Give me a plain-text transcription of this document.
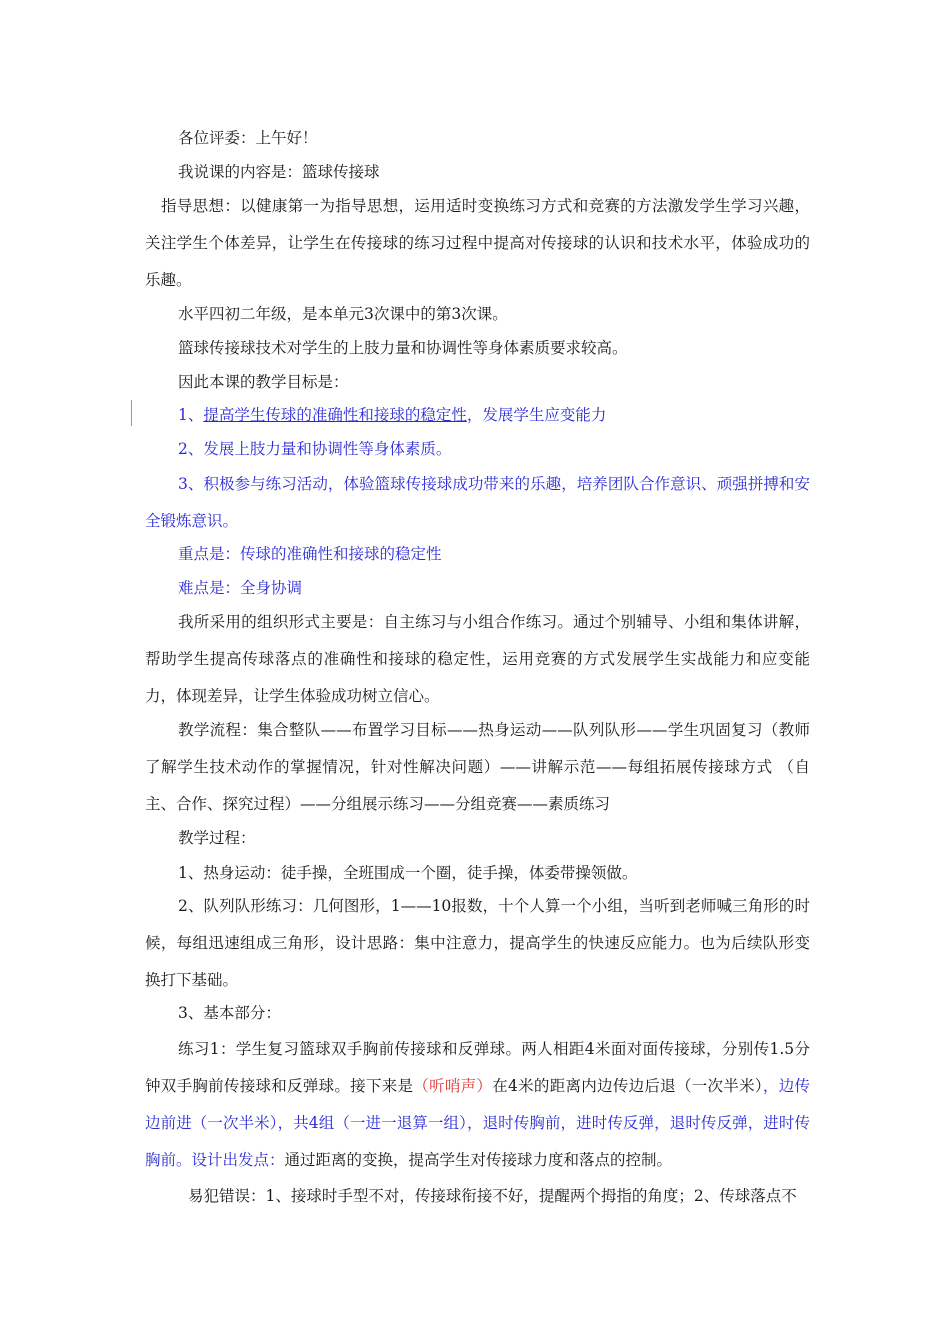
各位评委：上午好！
我说课的内容是：篮球传接球
指导思想：以健康第一为指导思想，运用适时变换练习方式和竞赛的方法激发学生学习兴趣，关注学生个体差异，让学生在传接球的练习过程中提高对传接球的认识和技术水平，体验成功的乐趣。
水平四初二年级，是本单元3次课中的第3次课。
篮球传接球技术对学生的上肢力量和协调性等身体素质要求较高。
因此本课的教学目标是：
1、提高学生传球的准确性和接球的稳定性，发展学生应变能力
2、发展上肢力量和协调性等身体素质。
3、积极参与练习活动，体验篮球传接球成功带来的乐趣，培养团队合作意识、顽强拼搏和安全锻炼意识。
重点是：传球的准确性和接球的稳定性
难点是：全身协调
我所采用的组织形式主要是：自主练习与小组合作练习。通过个别辅导、小组和集体讲解，帮助学生提高传球落点的准确性和接球的稳定性，运用竞赛的方式发展学生实战能力和应变能力，体现差异，让学生体验成功树立信心。
教学流程：集合整队——布置学习目标——热身运动——队列队形——学生巩固复习（教师了解学生技术动作的掌握情况，针对性解决问题）——讲解示范——每组拓展传接球方式 （自主、合作、探究过程）——分组展示练习——分组竞赛——素质练习
教学过程：
1、热身运动：徒手操，全班围成一个圈，徒手操，体委带操领做。
2、队列队形练习：几何图形，1——10报数，十个人算一个小组，当听到老师喊三角形的时候，每组迅速组成三角形，设计思路：集中注意力，提高学生的快速反应能力。也为后续队形变换打下基础。
3、基本部分：
练习1：学生复习篮球双手胸前传接球和反弹球。两人相距4米面对面传接球，分别传1.5分钟双手胸前传接球和反弹球。接下来是（听哨声）在4米的距离内边传边后退（一次半米），边传边前进（一次半米），共4组（一进一退算一组），退时传胸前，进时传反弹，退时传反弹，进时传胸前。设计出发点：通过距离的变换，提高学生对传接球力度和落点的控制。
易犯错误：1、接球时手型不对，传接球衔接不好，提醒两个拇指的角度；2、传球落点不
